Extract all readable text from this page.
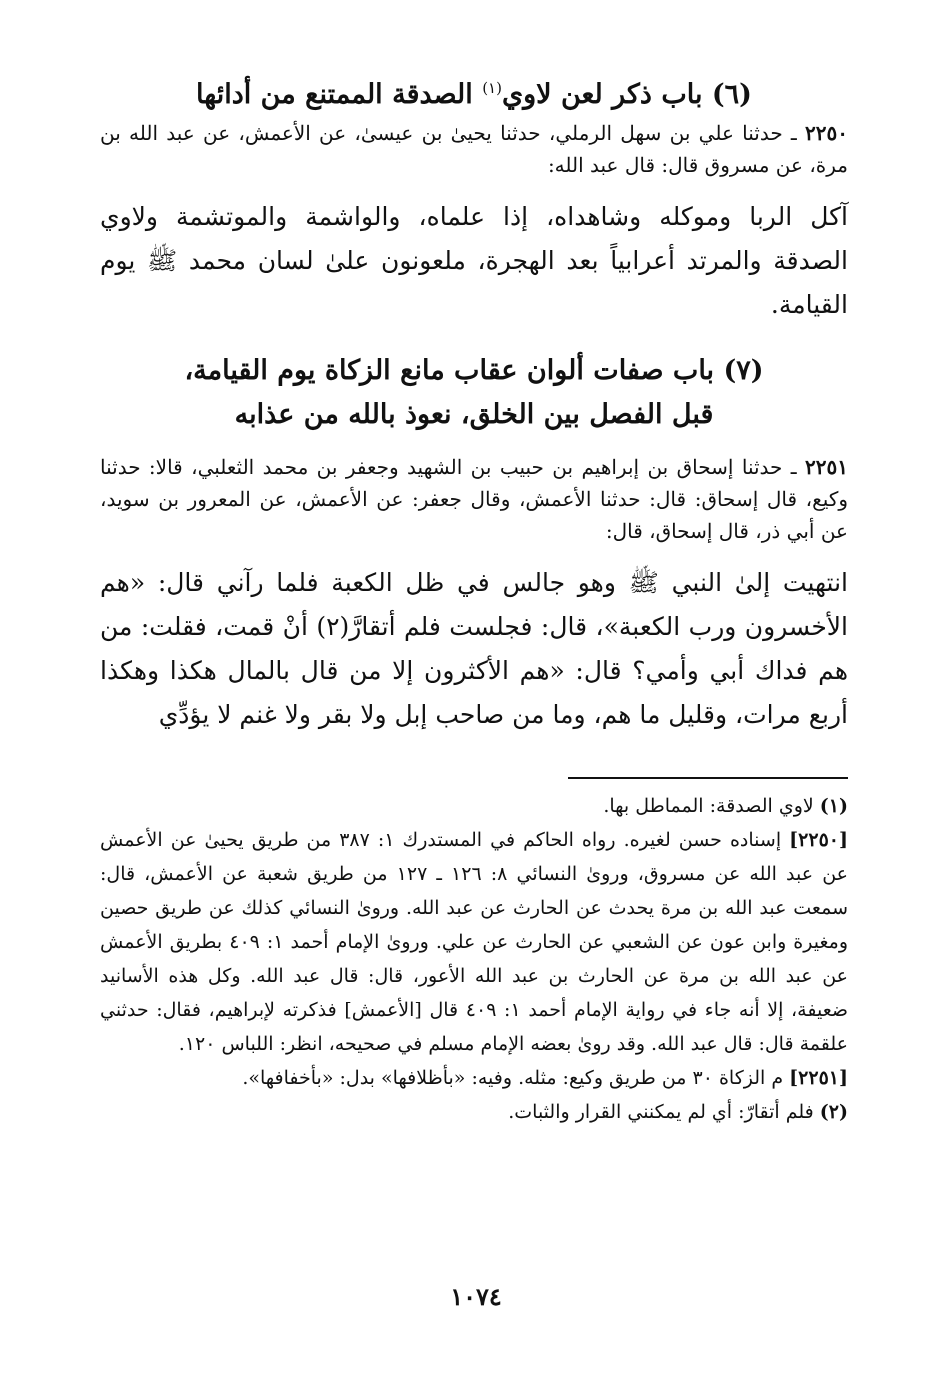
(٦) باب ذكر لعن لاوي$^{(١)}$ الصدقة الممتنع من أدائها

٢٢٥٠ ـ حدثنا علي بن سهل الرملي، حدثنا يحيىٰ بن عيسىٰ، عن الأعمش، عن عبد الله بن مرة، عن مسروق قال: قال عبد الله:

آكل الربا وموكله وشاهداه، إذا علماه، والواشمة والموتشمة ولاوي الصدقة والمرتد أعرابياً بعد الهجرة، ملعونون علىٰ لسان محمد ﷺ يوم القيامة.

(٧) باب صفات ألوان عقاب مانع الزكاة يوم القيامة،
قبل الفصل بين الخلق، نعوذ بالله من عذابه

٢٢٥١ ـ حدثنا إسحاق بن إبراهيم بن حبيب بن الشهيد وجعفر بن محمد الثعلبي، قالا: حدثنا وكيع، قال إسحاق: قال: حدثنا الأعمش، وقال جعفر: عن الأعمش، عن المعرور بن سويد، عن أبي ذر، قال إسحاق، قال:

انتهيت إلىٰ النبي ﷺ وهو جالس في ظل الكعبة فلما رآني قال: «هم الأخسرون ورب الكعبة»، قال: فجلست فلم أتقارَّ(٢) أنْ قمت، فقلت: من هم فداك أبي وأمي؟ قال: «هم الأكثرون إلا من قال بالمال هكذا وهكذا أربع مرات، وقليل ما هم، وما من صاحب إبل ولا بقر ولا غنم لا يؤدِّي

(١) لاوي الصدقة: المماطل بها.

[٢٢٥٠] إسناده حسن لغيره. رواه الحاكم في المستدرك ١: ٣٨٧ من طريق يحيىٰ عن الأعمش عن عبد الله عن مسروق، وروىٰ النسائي ٨: ١٢٦ ـ ١٢٧ من طريق شعبة عن الأعمش، قال: سمعت عبد الله بن مرة يحدث عن الحارث عن عبد الله. وروىٰ النسائي كذلك عن طريق حصين ومغيرة وابن عون عن الشعبي عن الحارث عن علي. وروىٰ الإمام أحمد ١: ٤٠٩ بطريق الأعمش عن عبد الله بن مرة عن الحارث بن عبد الله الأعور، قال: قال عبد الله. وكل هذه الأسانيد ضعيفة، إلا أنه جاء في رواية الإمام أحمد ١: ٤٠٩ قال [الأعمش] فذكرته لإبراهيم، فقال: حدثني علقمة قال: قال عبد الله. وقد روىٰ بعضه الإمام مسلم في صحيحه، انظر: اللباس ١٢٠.

[٢٢٥١] م الزكاة ٣٠ من طريق وكيع: مثله. وفيه: «بأظلافها» بدل: «بأخفافها».

(٢) فلم أتقارّ: أي لم يمكنني القرار والثبات.

١٠٧٤
